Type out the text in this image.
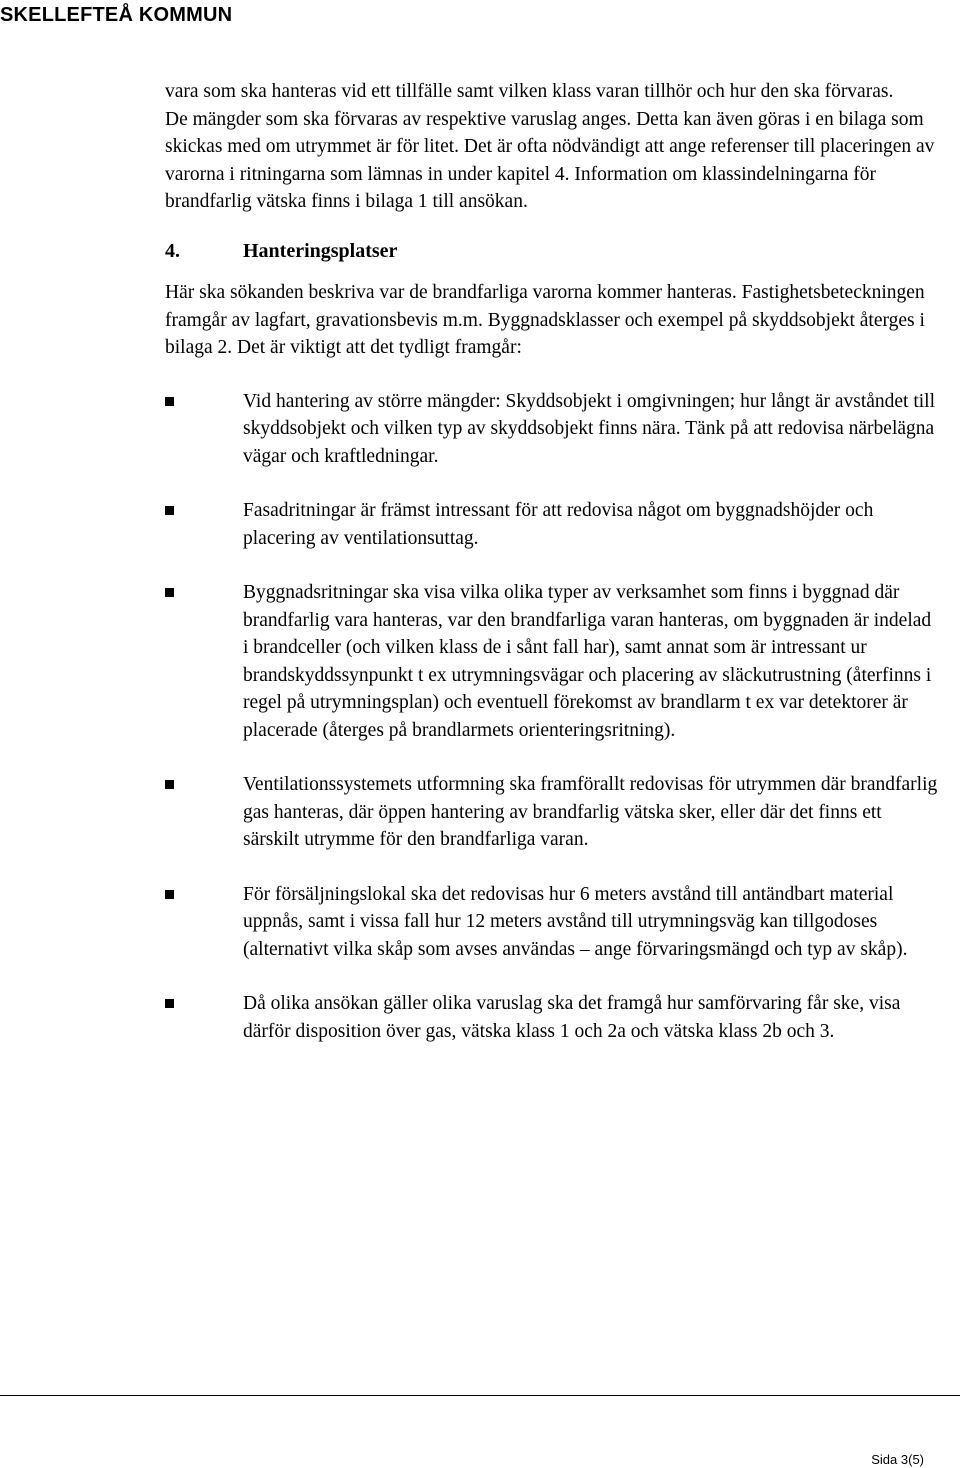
SKELLEFTEÅ KOMMUN

vara som ska hanteras vid ett tillfälle samt vilken klass varan tillhör och hur den ska förvaras.

De mängder som ska förvaras av respektive varuslag anges. Detta kan även göras i en bilaga som skickas med om utrymmet är för litet. Det är ofta nödvändigt att ange referenser till placeringen av varorna i ritningarna som lämnas in under kapitel 4. Information om klassindelningarna för brandfarlig vätska finns i bilaga 1 till ansökan.

4.	Hanteringsplatser

Här ska sökanden beskriva var de brandfarliga varorna kommer hanteras. Fastighetsbeteckningen framgår av lagfart, gravationsbevis m.m. Byggnadsklasser och exempel på skyddsobjekt återges i bilaga 2. Det är viktigt att det tydligt framgår:

Vid hantering av större mängder: Skyddsobjekt i omgivningen; hur långt är avståndet till skyddsobjekt och vilken typ av skyddsobjekt finns nära. Tänk på att redovisa närbelägna vägar och kraftledningar.
Fasadritningar är främst intressant för att redovisa något om byggnadshöjder och placering av ventilationsuttag.
Byggnadsritningar ska visa vilka olika typer av verksamhet som finns i byggnad där brandfarlig vara hanteras, var den brandfarliga varan hanteras, om byggnaden är indelad i brandceller (och vilken klass de i sånt fall har), samt annat som är intressant ur brandskyddssynpunkt t ex utrymningsvägar och placering av släckutrustning (återfinns i regel på utrymningsplan) och eventuell förekomst av brandlarm t ex var detektorer är placerade (återges på brandlarmets orienteringsritning).
Ventilationssystemets utformning ska framförallt redovisas för utrymmen där brandfarlig gas hanteras, där öppen hantering av brandfarlig vätska sker, eller där det finns ett särskilt utrymme för den brandfarliga varan.
För försäljningslokal ska det redovisas hur 6 meters avstånd till antändbart material uppnås, samt i vissa fall hur 12 meters avstånd till utrymningsväg kan tillgodoses (alternativt vilka skåp som avses användas – ange förvaringsmängd och typ av skåp).
Då olika ansökan gäller olika varuslag ska det framgå hur samförvaring får ske, visa därför disposition över gas, vätska klass 1 och 2a och vätska klass 2b och 3.
Sida 3(5)
